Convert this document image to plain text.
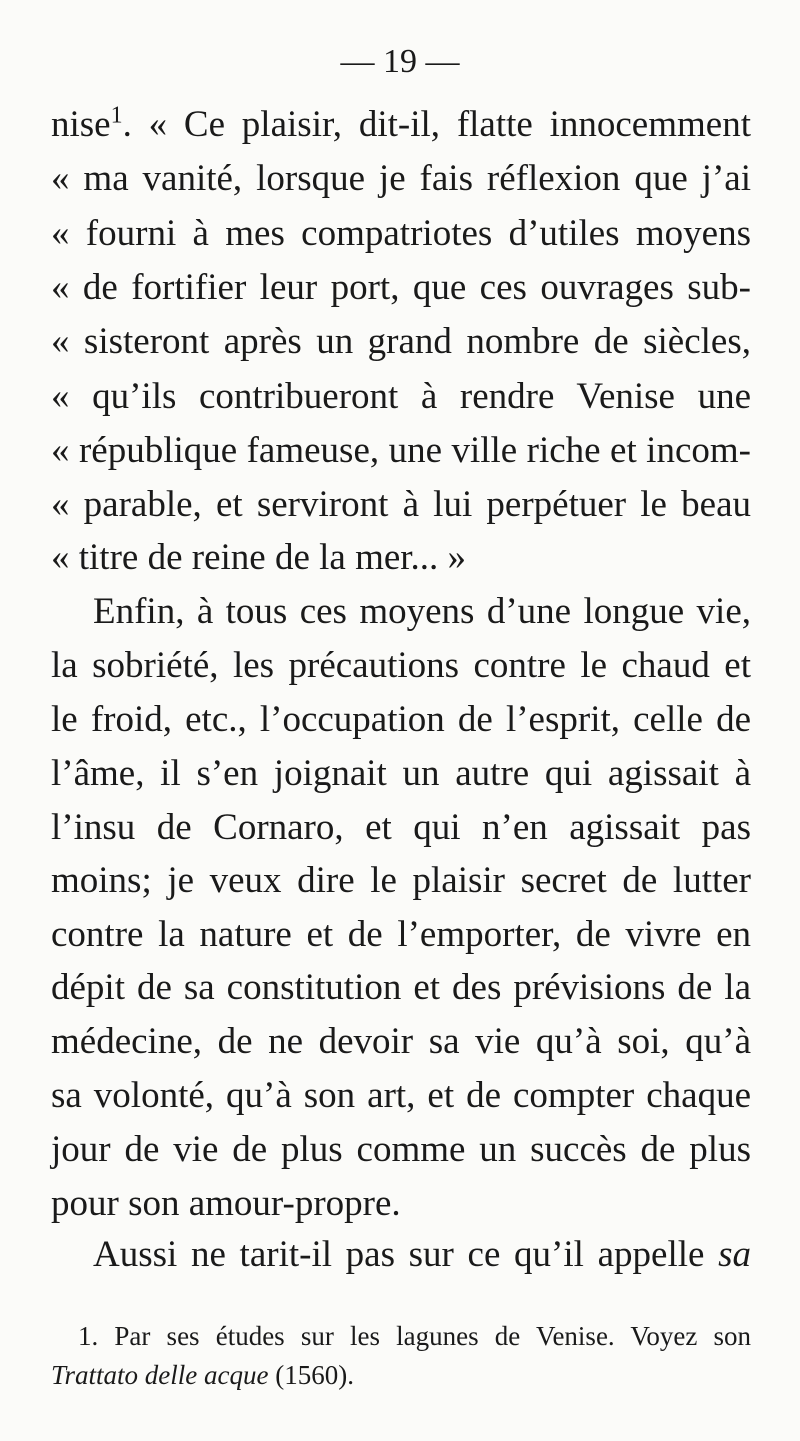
— 19 —
nise$^1$. « Ce plaisir, dit-il, flatte innocemment
« ma vanité, lorsque je fais réflexion que j’ai
« fourni à mes compatriotes d’utiles moyens
« de fortifier leur port, que ces ouvrages sub-
« sisteront après un grand nombre de siècles,
« qu’ils contribueront à rendre Venise une
« république fameuse, une ville riche et incom-
« parable, et serviront à lui perpétuer le beau
« titre de reine de la mer... »
Enfin, à tous ces moyens d’une longue vie,
la sobriété, les précautions contre le chaud et
le froid, etc., l’occupation de l’esprit, celle de
l’âme, il s’en joignait un autre qui agissait à
l’insu de Cornaro, et qui n’en agissait pas
moins; je veux dire le plaisir secret de lutter
contre la nature et de l’emporter, de vivre en
dépit de sa constitution et des prévisions de la
médecine, de ne devoir sa vie qu’à soi, qu’à
sa volonté, qu’à son art, et de compter chaque
jour de vie de plus comme un succès de plus
pour son amour-propre.
Aussi ne tarit-il pas sur ce qu’il appelle sa
1. Par ses études sur les lagunes de Venise. Voyez son
Trattato delle acque (1560).
